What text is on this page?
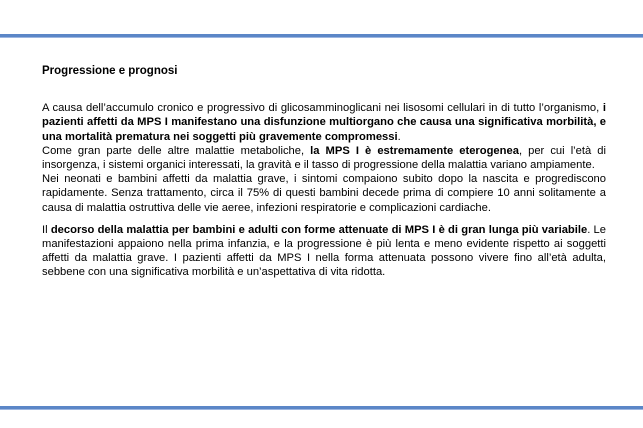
Progressione e prognosi

A causa dell’accumulo cronico e progressivo di glicosamminoglicani nei lisosomi cellulari in di tutto l’organismo, i pazienti affetti da MPS I manifestano una disfunzione multiorgano che causa una significativa morbilità, e una mortalità prematura nei soggetti più gravemente compromessi.

Come gran parte delle altre malattie metaboliche, la MPS I è estremamente eterogenea, per cui l’età di insorgenza, i sistemi organici interessati, la gravità e il tasso di progressione della malattia variano ampiamente.

Nei neonati e bambini affetti da malattia grave, i sintomi compaiono subito dopo la nascita e progrediscono rapidamente. Senza trattamento, circa il 75% di questi bambini decede prima di compiere 10 anni solitamente a causa di malattia ostruttiva delle vie aeree, infezioni respiratorie e complicazioni cardiache.

Il decorso della malattia per bambini e adulti con forme attenuate di MPS I è di gran lunga più variabile. Le manifestazioni appaiono nella prima infanzia, e la progressione è più lenta e meno evidente rispetto ai soggetti affetti da malattia grave. I pazienti affetti da MPS I nella forma attenuata possono vivere fino all’età adulta, sebbene con una significativa morbilità e un’aspettativa di vita ridotta.
